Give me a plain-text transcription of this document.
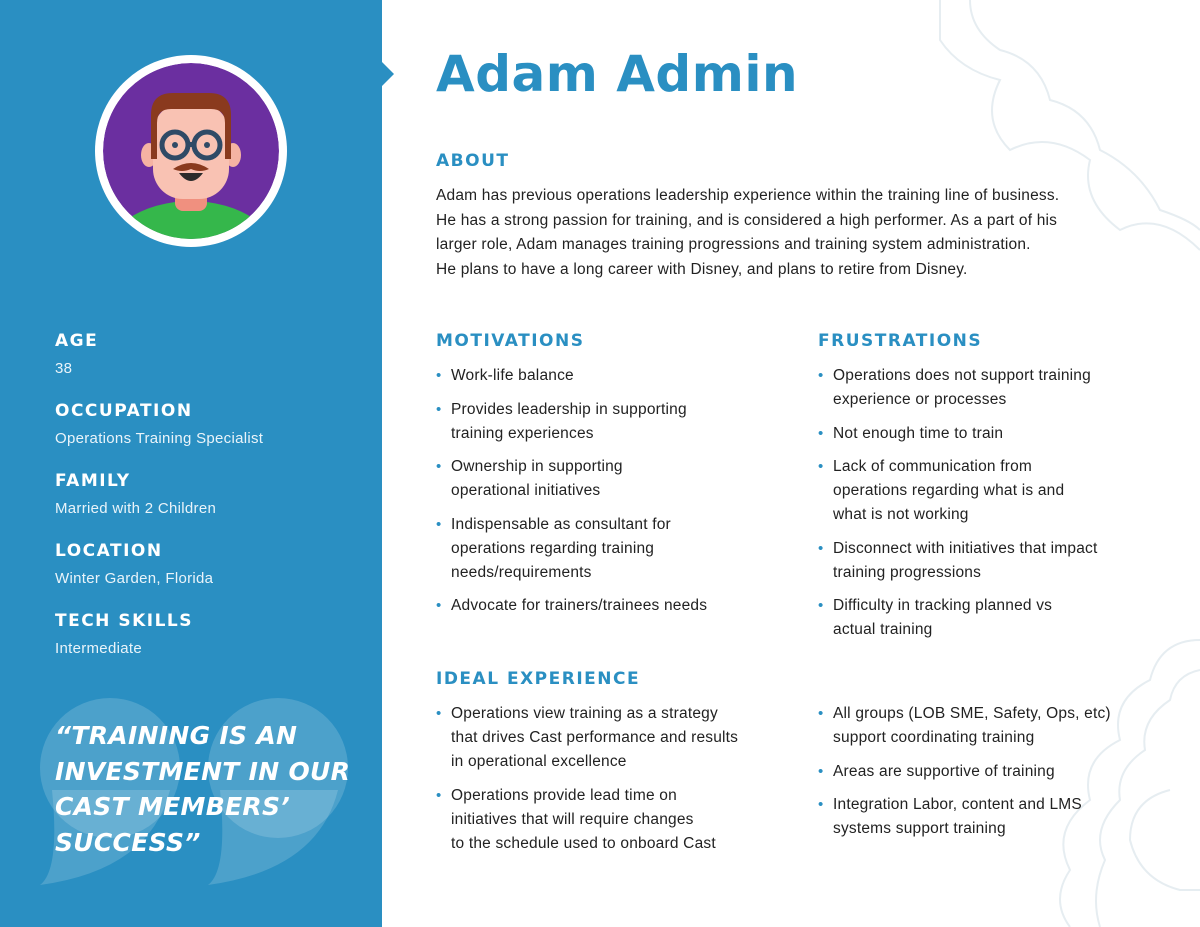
AGE
38
OCCUPATION
Operations Training Specialist
FAMILY
Married with 2 Children
LOCATION
Winter Garden, Florida
TECH SKILLS
Intermediate
“TRAINING IS AN
INVESTMENT IN OUR
CAST MEMBERS’
SUCCESS”
Adam Admin
ABOUT
Adam has previous operations leadership experience within the training line of business.
He has a strong passion for training, and is considered a high performer. As a part of his
larger role, Adam manages training progressions and training system administration.
He plans to have a long career with Disney, and plans to retire from Disney.
MOTIVATIONS
• Work-life balance
• Provides leadership in supporting
training experiences
• Ownership in supporting
operational initiatives
• Indispensable as consultant for
operations regarding training
needs/requirements
• Advocate for trainers/trainees needs
FRUSTRATIONS
• Operations does not support training
experience or processes
• Not enough time to train
• Lack of communication from
operations regarding what is and
what is not working
• Disconnect with initiatives that impact
training progressions
• Difficulty in tracking planned vs
actual training
IDEAL EXPERIENCE
• Operations view training as a strategy
that drives Cast performance and results
in operational excellence
• Operations provide lead time on
initiatives that will require changes
to the schedule used to onboard Cast
• All groups (LOB SME, Safety, Ops, etc)
support coordinating training
• Areas are supportive of training
• Integration Labor, content and LMS
systems support training
